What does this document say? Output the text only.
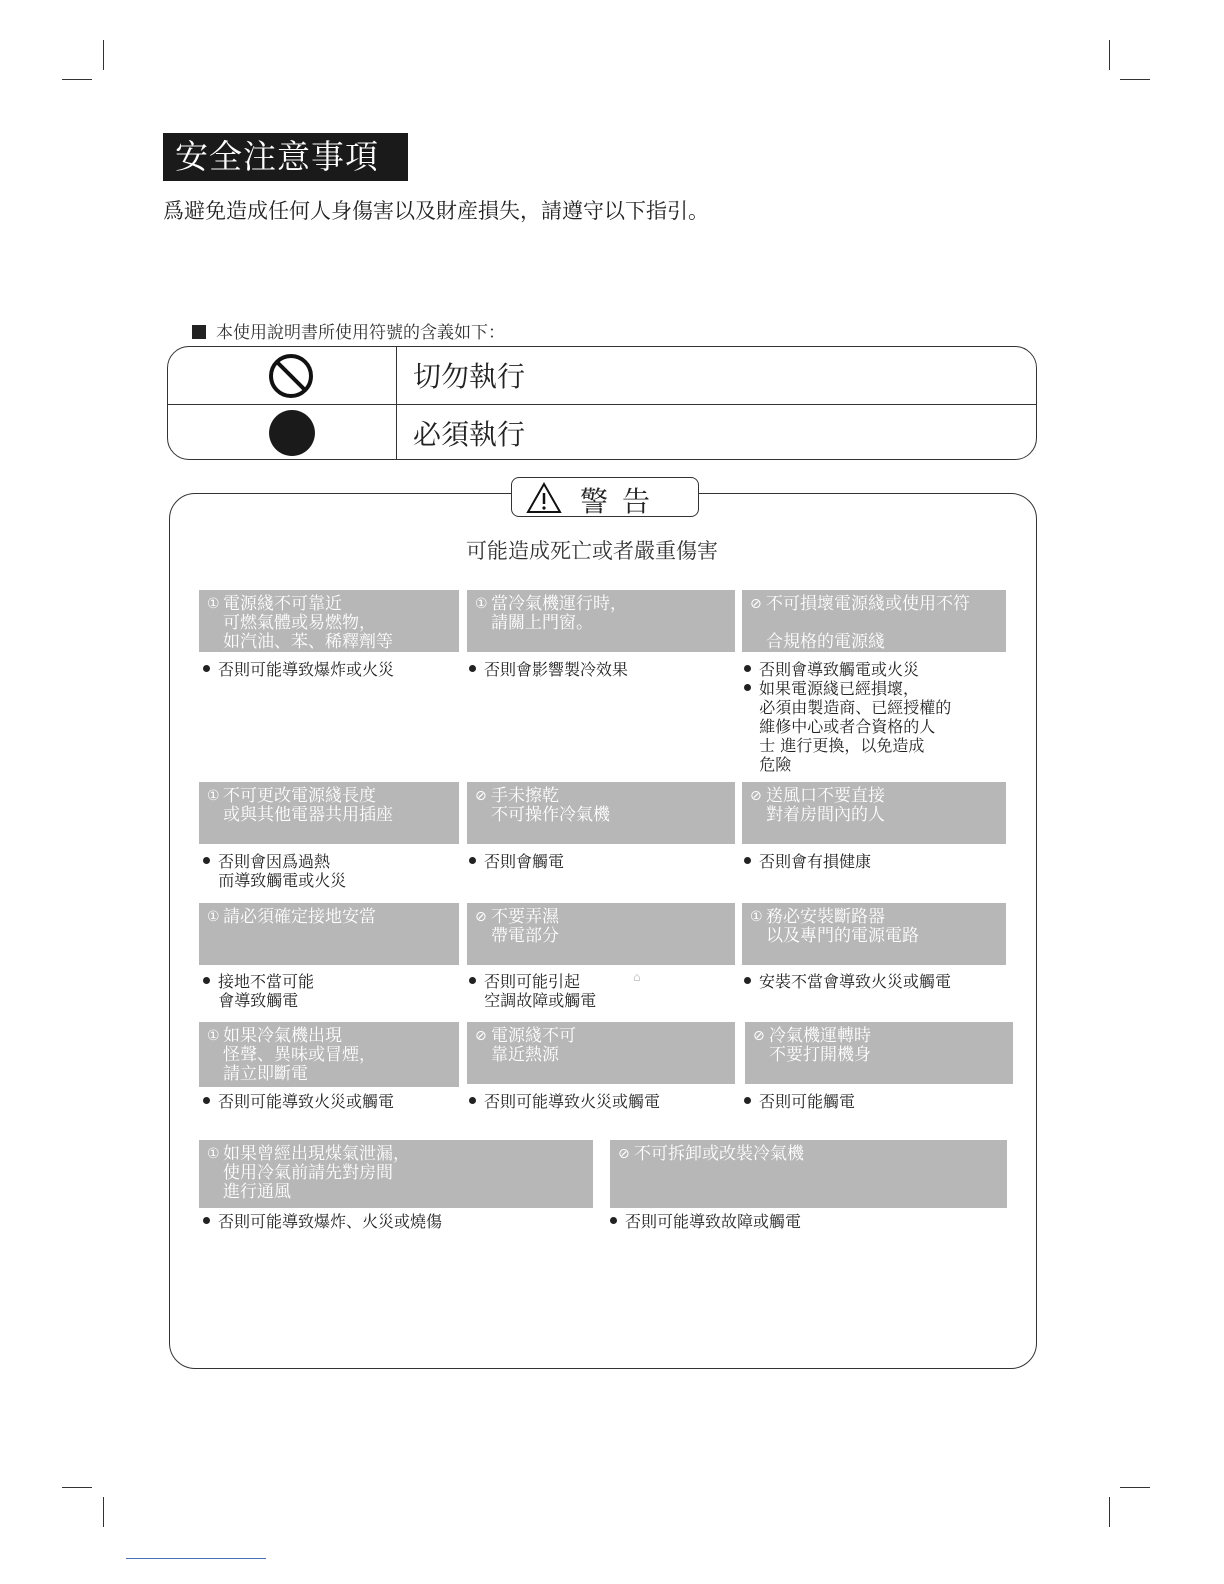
安全注意事項
爲避免造成任何人身傷害以及財産損失，請遵守以下指引。
本使用說明書所使用符號的含義如下：
切勿執行
必須執行
警告
可能造成死亡或者嚴重傷害
① 電源綫不可靠近
可燃氣體或易燃物，
如汽油、苯、稀釋劑等
否則可能導致爆炸或火災
① 當冷氣機運行時，
請關上門窗。
否則會影響製冷效果
⊘ 不可損壞電源綫或使用不符

合規格的電源綫
否則會導致觸電或火災
如果電源綫已經損壞，
必須由製造商、已經授權的
維修中心或者合資格的人
士 進行更換，以免造成
危險
① 不可更改電源綫長度
或與其他電器共用插座
否則會因爲過熱
而導致觸電或火災
⊘ 手未擦乾
不可操作冷氣機
否則會觸電
⊘ 送風口不要直接
對着房間內的人
否則會有損健康
① 請必須確定接地安當
接地不當可能
會導致觸電
⊘ 不要弄濕
帶電部分
否則可能引起
空調故障或觸電
① 務必安裝斷路器
以及專門的電源電路
安裝不當會導致火災或觸電
① 如果冷氣機出現
怪聲、異味或冒煙，
請立即斷電
否則可能導致火災或觸電
⊘ 電源綫不可
靠近熱源
否則可能導致火災或觸電
⊘ 冷氣機運轉時
不要打開機身
否則可能觸電
① 如果曾經出現煤氣泄漏，
使用冷氣前請先對房間
進行通風
否則可能導致爆炸、火災或燒傷
⊘ 不可拆卸或改裝冷氣機
否則可能導致故障或觸電
⌂
